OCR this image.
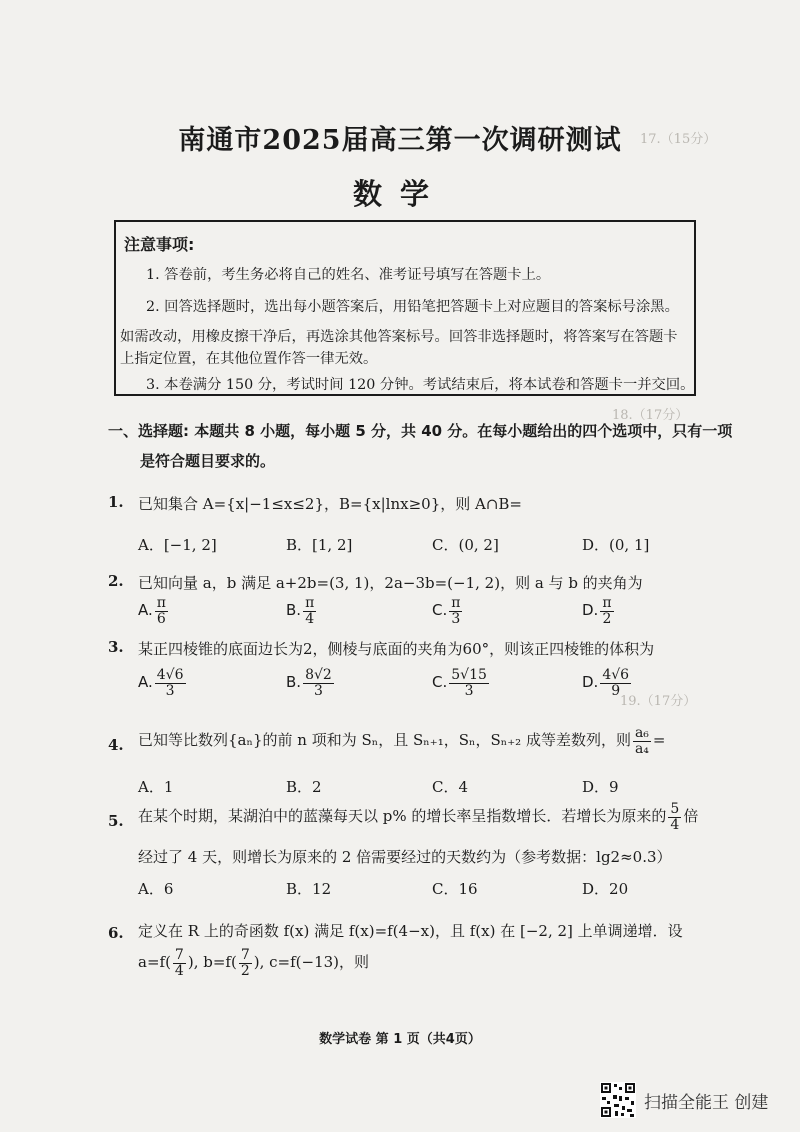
17.（15分）
18.（17分）
19.（17分）
南通市2025届高三第一次调研测试
数学
注意事项:
1. 答卷前，考生务必将自己的姓名、准考证号填写在答题卡上。
2. 回答选择题时，选出每小题答案后，用铅笔把答题卡上对应题目的答案标号涂黑。
如需改动，用橡皮擦干净后，再选涂其他答案标号。回答非选择题时，将答案写在答题卡
上指定位置，在其他位置作答一律无效。
3. 本卷满分 150 分，考试时间 120 分钟。考试结束后，将本试卷和答题卡一并交回。
一、选择题: 本题共 8 小题，每小题 5 分，共 40 分。在每小题给出的四个选项中，只有一项
是符合题目要求的。
1. 已知集合 A={x|−1≤x≤2}，B={x|lnx≥0}，则 A∩B=
A．[−1, 2]	B．[1, 2]	C．(0, 2]	D．(0, 1]
2. 已知向量 a，b 满足 a+2b=(3, 1)，2a−3b=(−1, 2)，则 a 与 b 的夹角为
A. $\frac{\pi}{6}$	B. $\frac{\pi}{4}$	C. $\frac{\pi}{3}$	D. $\frac{\pi}{2}$
3. 某正四棱锥的底面边长为2，侧棱与底面的夹角为60°，则该正四棱锥的体积为
A. $\frac{4√6}{3}$	B. $\frac{8√2}{3}$	C. $\frac{5√15}{3}$	D. $\frac{4√6}{9}$
4. 已知等比数列{aₙ}的前 n 项和为 Sₙ，且 Sₙ₊₁，Sₙ，Sₙ₊₂ 成等差数列，则 $\frac{\text{a₆}}{\text{a₄}}$ =
A．1	B．2	C．4	D．9
5. 在某个时期，某湖泊中的蓝藻每天以 p% 的增长率呈指数增长．若增长为原来的 $\frac{5}{4}$ 倍
经过了 4 天，则增长为原来的 2 倍需要经过的天数约为（参考数据：lg2≈0.3）
A．6	B．12	C．16	D．20
6. 定义在 R 上的奇函数 f(x) 满足 f(x)=f(4−x)，且 f(x) 在 [−2, 2] 上单调递增．设
$a=f( \frac{7}{4}$ ), $b=f( \frac{7}{2}$ ), c=f(−13)，则
数学试卷 第 1 页（共4页）
扫描全能王 创建
